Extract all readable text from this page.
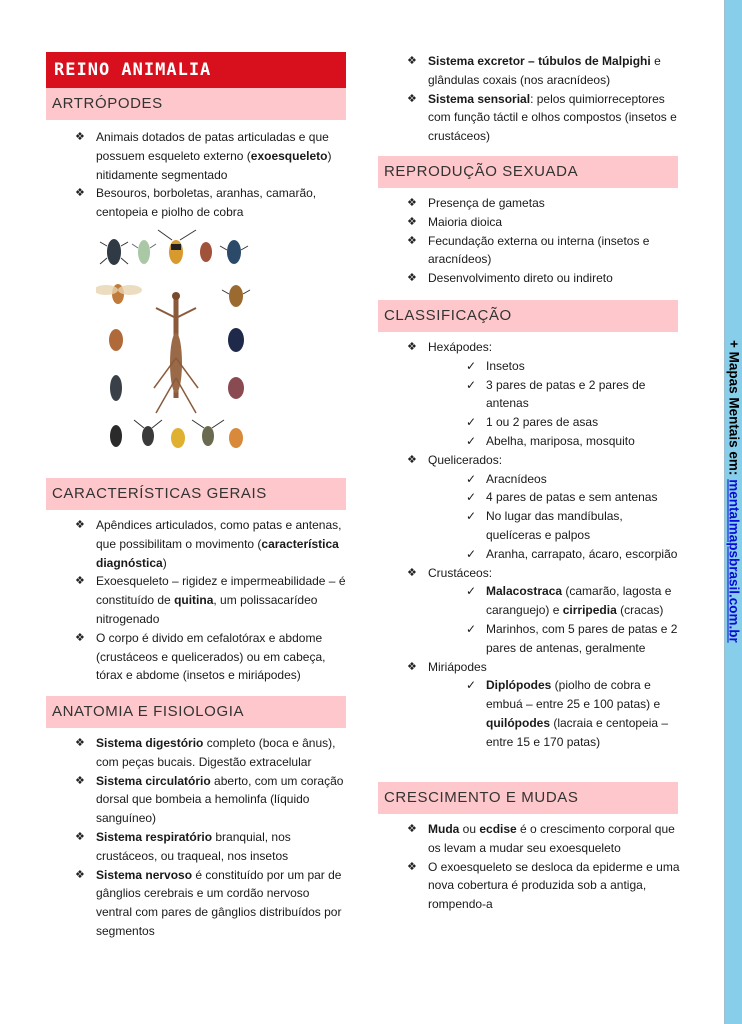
+ Mapas Mentais em: mentalmapsbrasil.com.br
REINO ANIMALIA
ARTRÓPODES
❖ Animais dotados de patas articuladas e que possuem esqueleto externo (exoesqueleto) nitidamente segmentado
❖ Besouros, borboletas, aranhas, camarão, centopeia e piolho de cobra
CARACTERÍSTICAS GERAIS
❖ Apêndices articulados, como patas e antenas, que possibilitam o movimento (característica diagnóstica)
❖ Exoesqueleto – rigidez e impermeabilidade – é constituído de quitina, um polissacarídeo nitrogenado
❖ O corpo é divido em cefalotórax e abdome (crustáceos e quelicerados) ou em cabeça, tórax e abdome (insetos e miriápodes)
ANATOMIA E FISIOLOGIA
❖ Sistema digestório completo (boca e ânus), com peças bucais. Digestão extracelular
❖ Sistema circulatório aberto, com um coração dorsal que bombeia a hemolinfa (líquido sanguíneo)
❖ Sistema respiratório branquial, nos crustáceos, ou traqueal, nos insetos
❖ Sistema nervoso é constituído por um par de gânglios cerebrais e um cordão nervoso ventral com pares de gânglios distribuídos por segmentos
❖ Sistema excretor – túbulos de Malpighi e glândulas coxais (nos aracnídeos)
❖ Sistema sensorial: pelos quimiorreceptores com função táctil e olhos compostos (insetos e crustáceos)
REPRODUÇÃO SEXUADA
❖ Presença de gametas
❖ Maioria dioica
❖ Fecundação externa ou interna (insetos e aracnídeos)
❖ Desenvolvimento direto ou indireto
CLASSIFICAÇÃO
❖ Hexápodes:
✓ Insetos
✓ 3 pares de patas e 2 pares de antenas
✓ 1 ou 2 pares de asas
✓ Abelha, mariposa, mosquito
❖ Quelicerados:
✓ Aracnídeos
✓ 4 pares de patas e sem antenas
✓ No lugar das mandíbulas, quelíceras e palpos
✓ Aranha, carrapato, ácaro, escorpião
❖ Crustáceos:
✓ Malacostraca (camarão, lagosta e caranguejo) e cirripedia (cracas)
✓ Marinhos, com 5 pares de patas e 2 pares de antenas, geralmente
❖ Miriápodes
✓ Diplópodes (piolho de cobra e embuá – entre 25 e 100 patas) e quilópodes (lacraia e centopeia – entre 15 e 170 patas)
CRESCIMENTO E MUDAS
❖ Muda ou ecdise é o crescimento corporal que os levam a mudar seu exoesqueleto
❖ O exoesqueleto se desloca da epiderme e uma nova cobertura é produzida sob a antiga, rompendo-a
